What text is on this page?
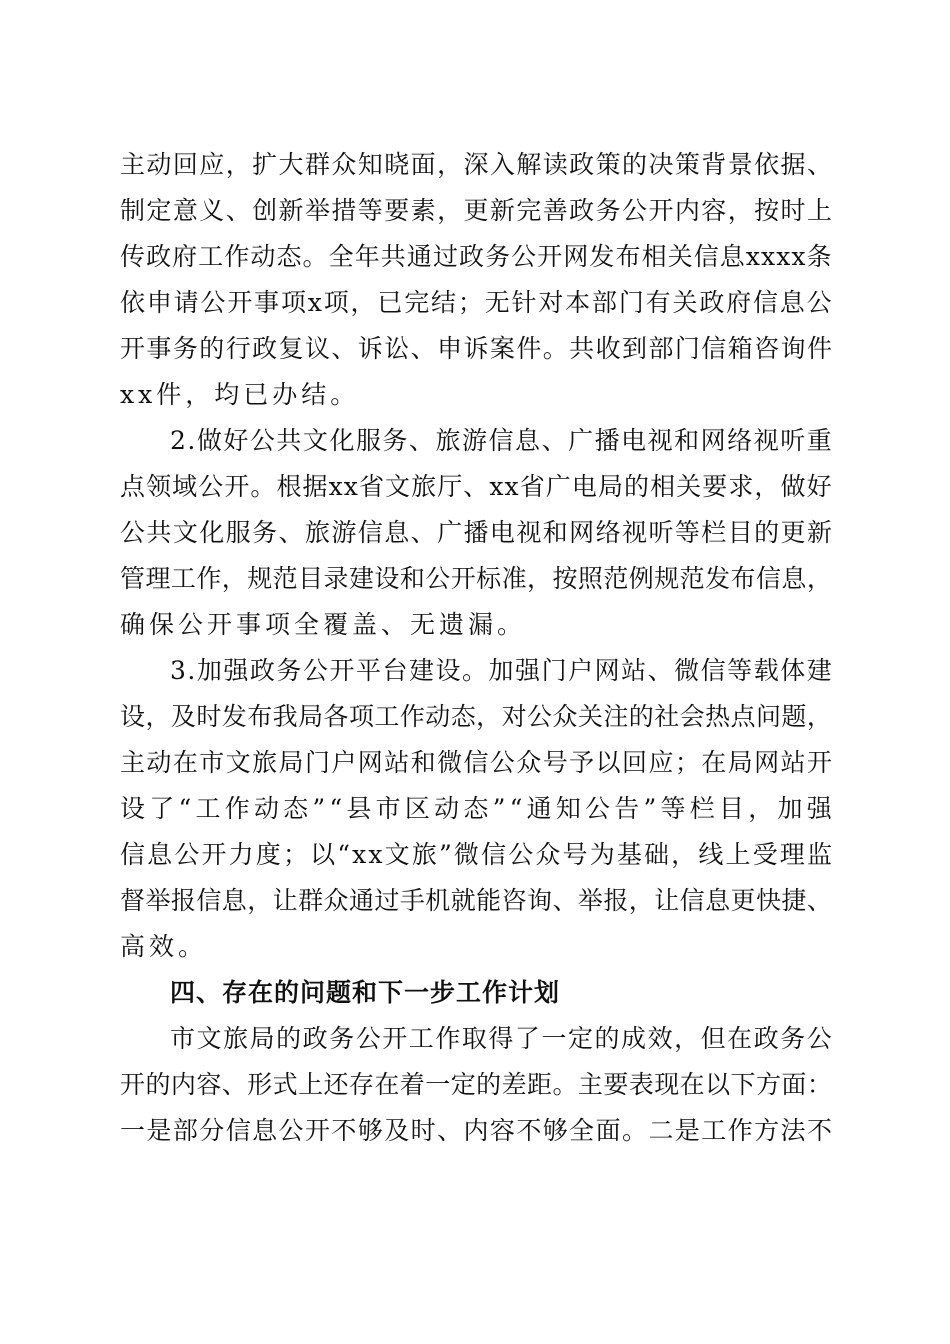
主 动 回 应 ， 扩 大 群 众 知 晓 面 ， 深 入 解 读 政 策 的 决 策 背 景 依 据 、
制 定 意 义 、 创 新 举 措 等 要 素 ， 更 新 完 善 政 务 公 开 内 容 ， 按 时 上
传 政 府 工 作 动 态 。 全 年 共 通 过 政 务 公 开 网 发 布 相 关 信 息 x x x x 条
依 申 请 公 开 事 项 x 项 ， 已 完 结 ； 无 针 对 本 部 门 有 关 政 府 信 息 公
开 事 务 的 行 政 复 议 、 诉 讼 、 申 诉 案 件 。 共 收 到 部 门 信 箱 咨 询 件
xx件，均已办结。
2 . 做 好 公 共 文 化 服 务 、 旅 游 信 息 、 广 播 电 视 和 网 络 视 听 重
点 领 域 公 开 。 根 据 x x 省 文 旅 厅 、 x x 省 广 电 局 的 相 关 要 求 ， 做 好
公 共 文 化 服 务 、 旅 游 信 息 、 广 播 电 视 和 网 络 视 听 等 栏 目 的 更 新
管 理 工 作 ， 规 范 目 录 建 设 和 公 开 标 准 ， 按 照 范 例 规 范 发 布 信 息 ，
确保公开事项全覆盖、无遗漏。
3 . 加 强 政 务 公 开 平 台 建 设 。 加 强 门 户 网 站 、 微 信 等 载 体 建
设 ， 及 时 发 布 我 局 各 项 工 作 动 态 ， 对 公 众 关 注 的 社 会 热 点 问 题 ，
主 动 在 市 文 旅 局 门 户 网 站 和 微 信 公 众 号 予 以 回 应 ； 在 局 网 站 开
设 了 “ 工 作 动 态 ” “ 县 市 区 动 态 ” “ 通 知 公 告 ” 等 栏 目 ， 加 强
信 息 公 开 力 度 ； 以 “ x x 文 旅 ” 微 信 公 众 号 为 基 础 ， 线 上 受 理 监
督 举 报 信 息 ， 让 群 众 通 过 手 机 就 能 咨 询 、 举 报 ， 让 信 息 更 快 捷 、
高效。
四、存在的问题和下一步工作计划
市 文 旅 局 的 政 务 公 开 工 作 取 得 了 一 定 的 成 效 ， 但 在 政 务 公
开 的 内 容 、 形 式 上 还 存 在 着 一 定 的 差 距 。 主 要 表 现 在 以 下 方 面 ：
一 是 部 分 信 息 公 开 不 够 及 时 、 内 容 不 够 全 面 。 二 是 工 作 方 法 不
